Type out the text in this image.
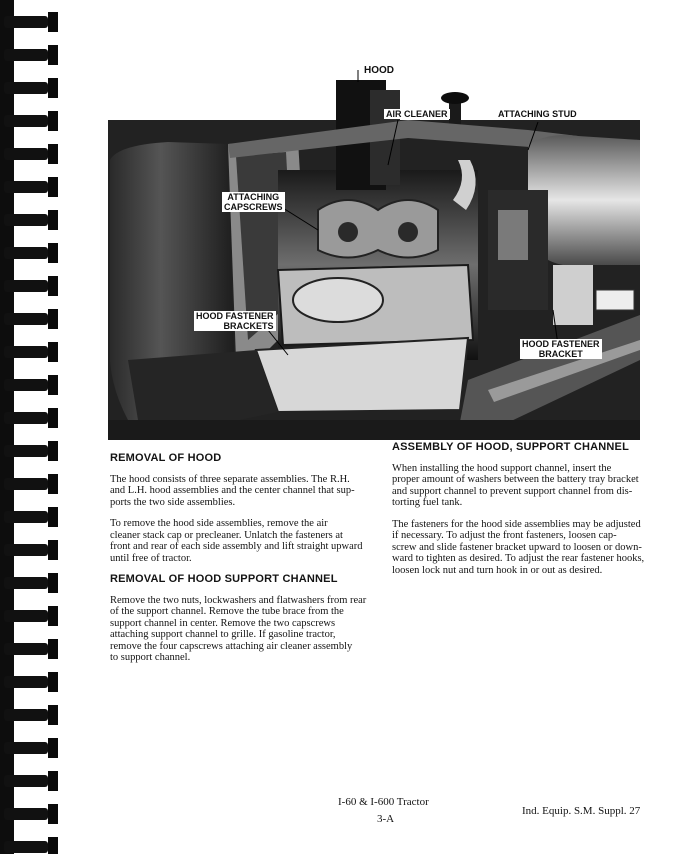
HOOD
AIR CLEANER	ATTACHING STUD
ATTACHING
CAPSCREWS
HOOD FASTENER
BRACKETS
HOOD FASTENER
BRACKET
REMOVAL OF HOOD

The hood consists of three separate assemblies. The R.H.
and L.H. hood assemblies and the center channel that sup-
ports the two side assemblies.

To remove the hood side assemblies, remove the air
cleaner stack cap or precleaner. Unlatch the fasteners at
front and rear of each side assembly and lift straight upward
until free of tractor.

REMOVAL OF HOOD SUPPORT CHANNEL

Remove the two nuts, lockwashers and flatwashers from rear
of the support channel. Remove the tube brace from the
support channel in center. Remove the two capscrews
attaching support channel to grille. If gasoline tractor,
remove the four capscrews attaching air cleaner assembly
to support channel.

ASSEMBLY OF HOOD, SUPPORT CHANNEL

When installing the hood support channel, insert the
proper amount of washers between the battery tray bracket
and support channel to prevent support channel from dis-
torting fuel tank.

The fasteners for the hood side assemblies may be adjusted
if necessary. To adjust the front fasteners, loosen cap-
screw and slide fastener bracket upward to loosen or down-
ward to tighten as desired. To adjust the rear fastener hooks,
loosen lock nut and turn hook in or out as desired.

I-60 & I-600 Tractor
3-A
Ind. Equip. S.M. Suppl. 27
